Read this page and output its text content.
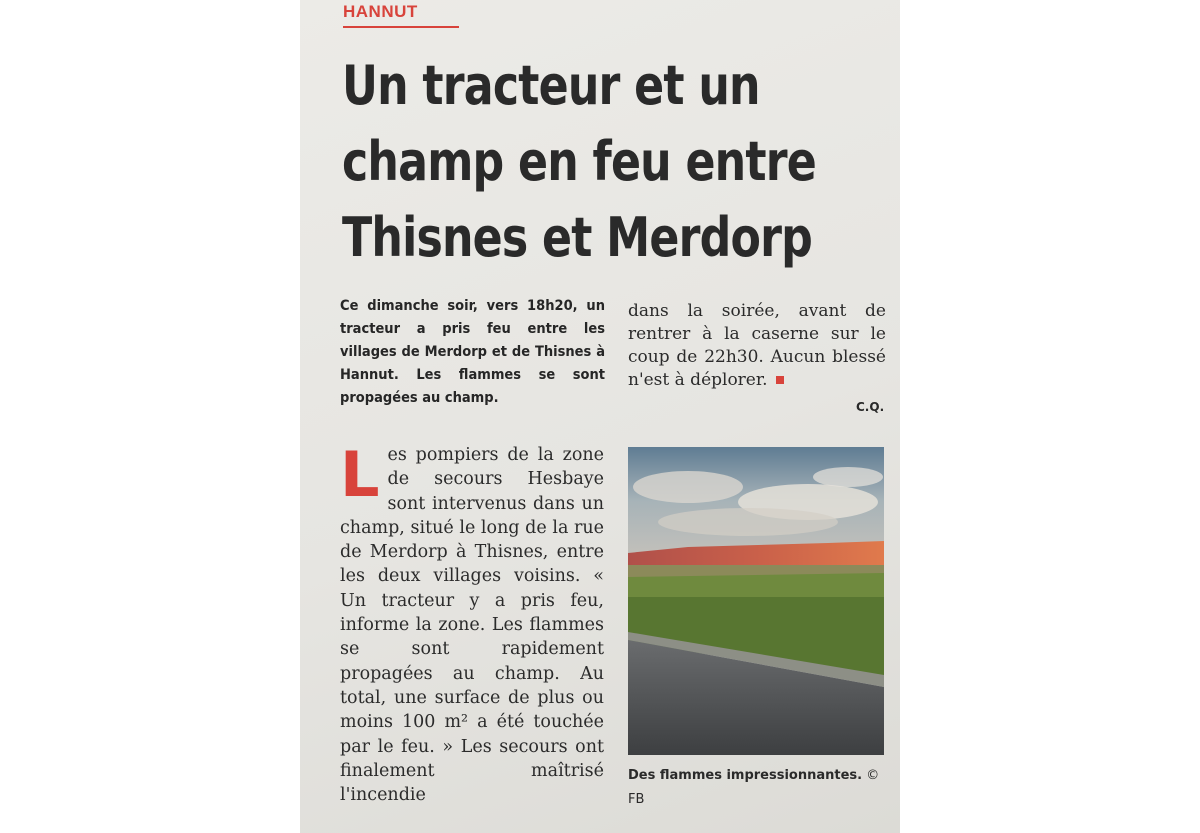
HANNUT
Un tracteur et un champ en feu entre Thisnes et Merdorp
Ce dimanche soir, vers 18h20, un tracteur a pris feu entre les villages de Merdorp et de Thisnes à Hannut. Les flammes se sont propagées au champ.
dans la soirée, avant de rentrer à la caserne sur le coup de 22h30. Aucun blessé n'est à déplorer.
C.Q.
Les pompiers de la zone de secours Hesbaye sont intervenus dans un champ, situé le long de la rue de Merdorp à Thisnes, entre les deux villages voisins. « Un tracteur y a pris feu, informe la zone. Les flammes se sont rapidement propagées au champ. Au total, une surface de plus ou moins 100 m² a été touchée par le feu. » Les secours ont finalement maîtrisé l'incendie
Des flammes impressionnantes. © FB
